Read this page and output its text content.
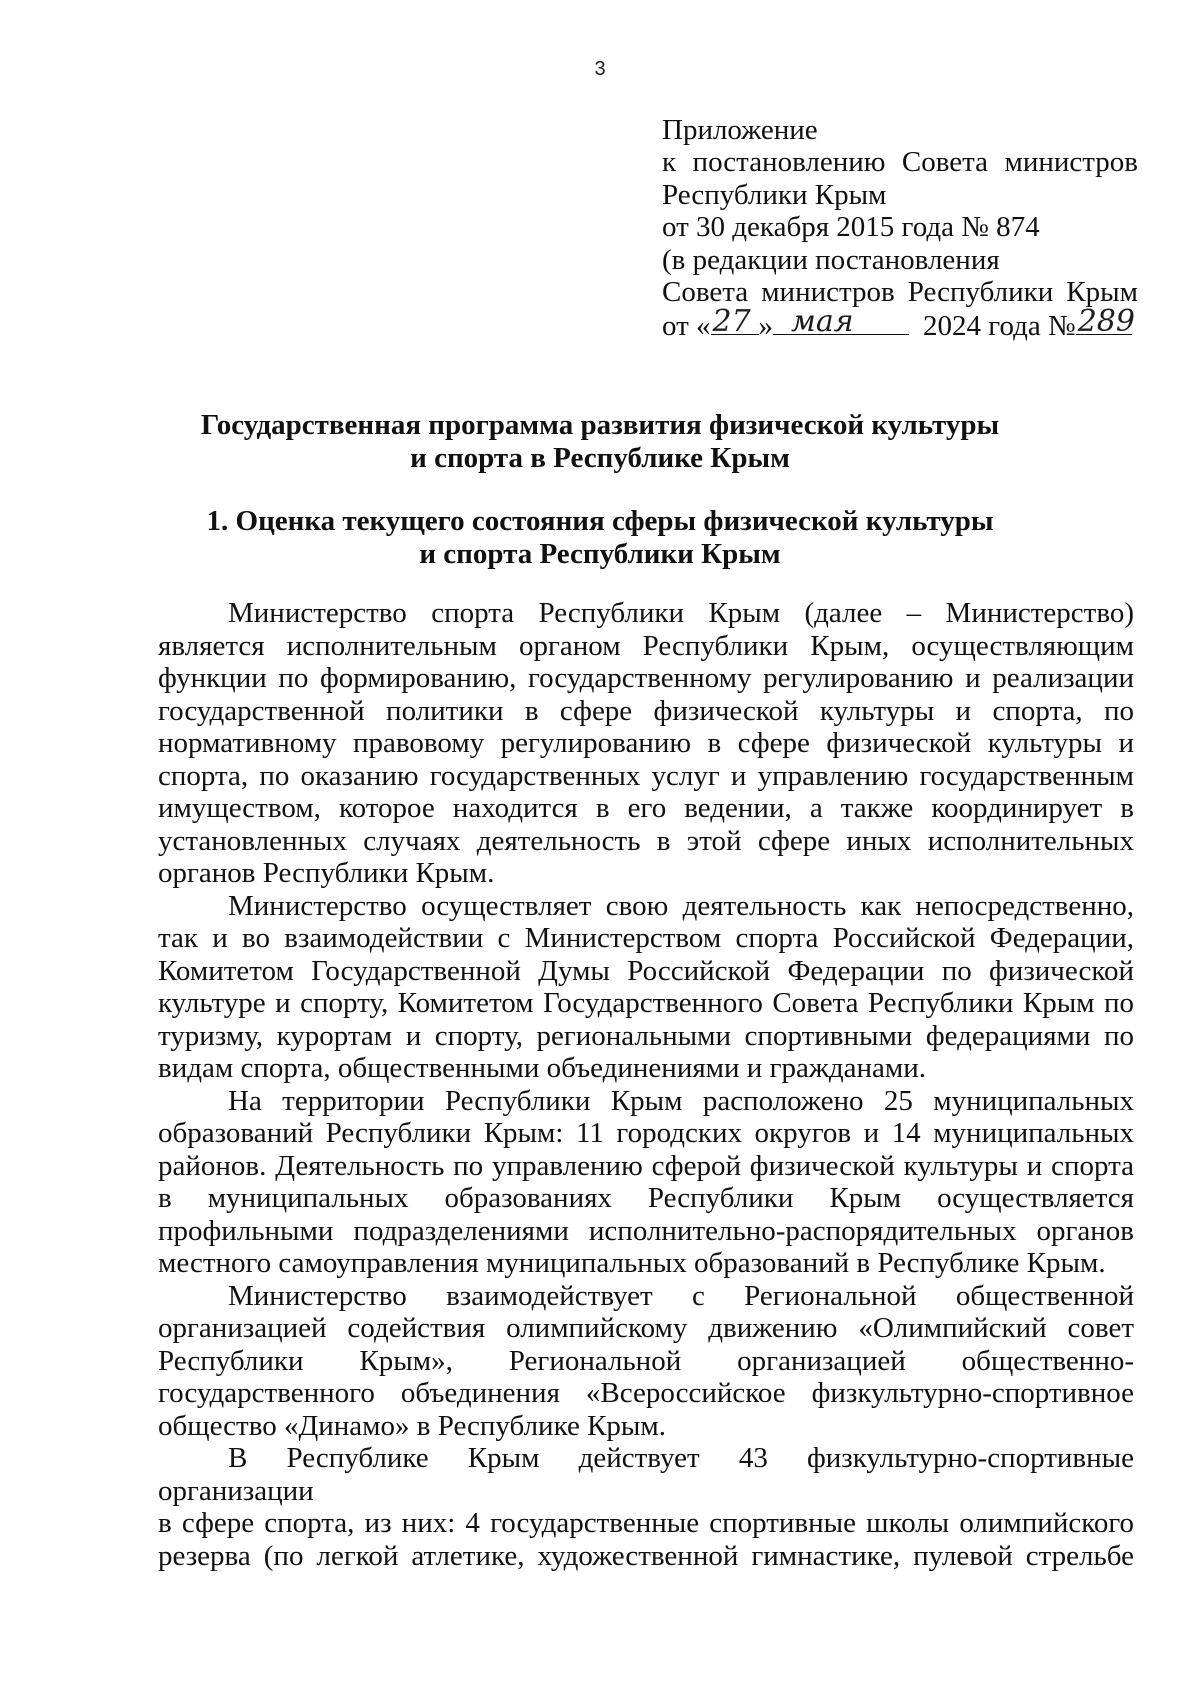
3
Приложение
к постановлению Совета министров
Республики Крым
от 30 декабря 2015 года № 874
(в редакции постановления
Совета министров Республики Крым
от « 27 » мая 2024 года № 289
Государственная программа развития физической культуры
и спорта в Республике Крым
1. Оценка текущего состояния сферы физической культуры
и спорта Республики Крым

Министерство спорта Республики Крым (далее – Министерство) является исполнительным органом Республики Крым, осуществляющим функции по формированию, государственному регулированию и реализации государственной политики в сфере физической культуры и спорта, по нормативному правовому регулированию в сфере физической культуры и спорта, по оказанию государственных услуг и управлению государственным имуществом, которое находится в его ведении, а также координирует в установленных случаях деятельность в этой сфере иных исполнительных органов Республики Крым.

Министерство осуществляет свою деятельность как непосредственно, так и во взаимодействии с Министерством спорта Российской Федерации, Комитетом Государственной Думы Российской Федерации по физической культуре и спорту, Комитетом Государственного Совета Республики Крым по туризму, курортам и спорту, региональными спортивными федерациями по видам спорта, общественными объединениями и гражданами.

На территории Республики Крым расположено 25 муниципальных образований Республики Крым: 11 городских округов и 14 муниципальных районов. Деятельность по управлению сферой физической культуры и спорта в муниципальных образованиях Республики Крым осуществляется профильными подразделениями исполнительно-распорядительных органов местного самоуправления муниципальных образований в Республике Крым.

Министерство взаимодействует с Региональной общественной организацией содействия олимпийскому движению «Олимпийский совет Республики Крым», Региональной организацией общественно-государственного объединения «Всероссийское физкультурно-спортивное общество «Динамо» в Республике Крым.

В Республике Крым действует 43 физкультурно-спортивные организации
в сфере спорта, из них: 4 государственные спортивные школы олимпийского
резерва (по легкой атлетике, художественной гимнастике, пулевой стрельбе
